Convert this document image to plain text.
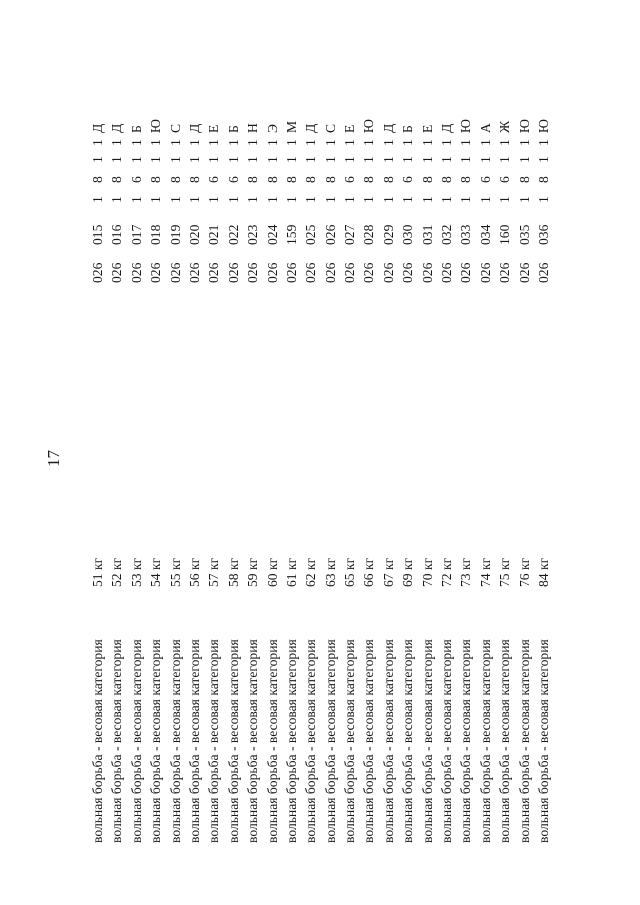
17
вольная борьба - весовая категория
51 кг
026
015
1
8
1
1
Д
вольная борьба - весовая категория
52 кг
026
016
1
8
1
1
Д
вольная борьба - весовая категория
53 кг
026
017
1
6
1
1
Б
вольная борьба - весовая категория
54 кг
026
018
1
8
1
1
Ю
вольная борьба - весовая категория
55 кг
026
019
1
8
1
1
С
вольная борьба - весовая категория
56 кг
026
020
1
8
1
1
Д
вольная борьба - весовая категория
57 кг
026
021
1
6
1
1
Е
вольная борьба - весовая категория
58 кг
026
022
1
6
1
1
Б
вольная борьба - весовая категория
59 кг
026
023
1
8
1
1
Н
вольная борьба - весовая категория
60 кг
026
024
1
8
1
1
Э
вольная борьба - весовая категория
61 кг
026
159
1
8
1
1
М
вольная борьба - весовая категория
62 кг
026
025
1
8
1
1
Д
вольная борьба - весовая категория
63 кг
026
026
1
8
1
1
С
вольная борьба - весовая категория
65 кг
026
027
1
6
1
1
Е
вольная борьба - весовая категория
66 кг
026
028
1
8
1
1
Ю
вольная борьба - весовая категория
67 кг
026
029
1
8
1
1
Д
вольная борьба - весовая категория
69 кг
026
030
1
6
1
1
Б
вольная борьба - весовая категория
70 кг
026
031
1
8
1
1
Е
вольная борьба - весовая категория
72 кг
026
032
1
8
1
1
Д
вольная борьба - весовая категория
73 кг
026
033
1
8
1
1
Ю
вольная борьба - весовая категория
74 кг
026
034
1
6
1
1
А
вольная борьба - весовая категория
75 кг
026
160
1
6
1
1
Ж
вольная борьба - весовая категория
76 кг
026
035
1
8
1
1
Ю
вольная борьба - весовая категория
84 кг
026
036
1
8
1
1
Ю
